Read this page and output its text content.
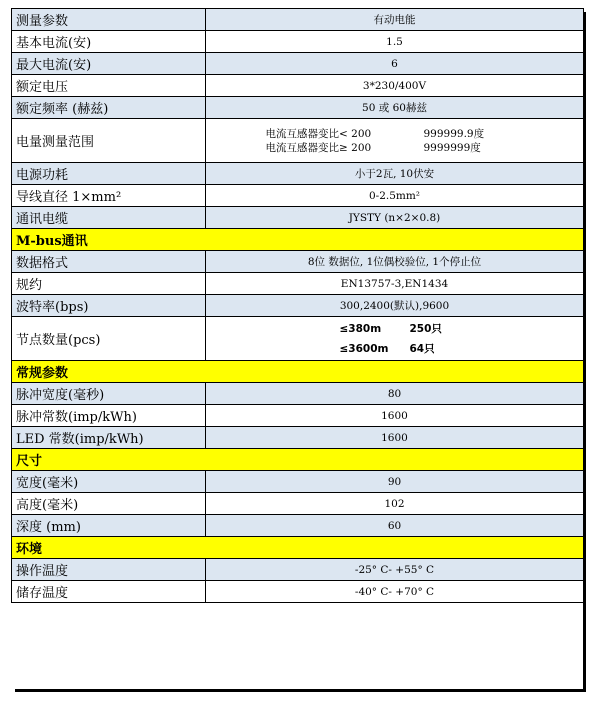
测量参数	有动电能
基本电流(安)	1.5
最大电流(安)	6
额定电压	3*230/400V
额定频率 (赫兹)	50 或 60赫兹
电量测量范围	电流互感器变比< 200 999999.9度
电流互感器变比≥ 200 9999999度

电源功耗	小于2瓦, 10伏安
导线直径 1×mm²	0-2.5mm²
通讯电缆	JYSTY (n×2×0.8)
M-bus通讯	
数据格式	8位 数据位, 1位偶校验位, 1个停止位
规约	EN13757-3,EN1434
波特率(bps)	300,2400(默认),9600
节点数量(pcs)	≤380m 250只
≤3600m 64只

常规参数	
脉冲宽度(毫秒)	80
脉冲常数(imp/kWh)	1600
LED 常数(imp/kWh)	1600
尺寸	
宽度(毫米)	90
高度(毫米)	102
深度 (mm)	60
环境	
操作温度	-25° C- +55° C
储存温度	-40° C- +70° C
